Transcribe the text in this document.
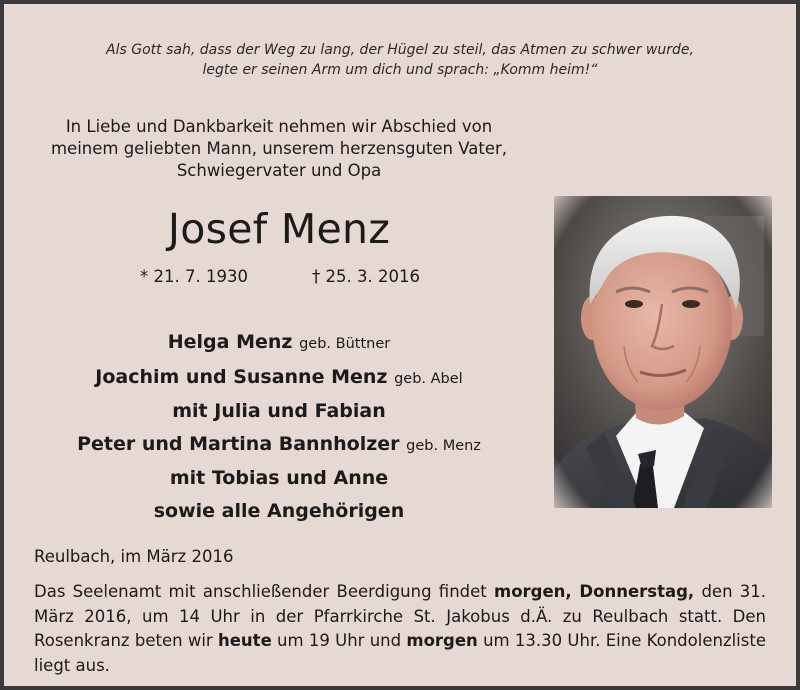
Als Gott sah, dass der Weg zu lang, der Hügel zu steil, das Atmen zu schwer wurde,
legte er seinen Arm um dich und sprach: „Komm heim!“
In Liebe und Dankbarkeit nehmen wir Abschied von
meinem geliebten Mann, unserem herzensguten Vater,
Schwiegervater und Opa
Josef Menz
* 21. 7. 1930	† 25. 3. 2016
Helga Menz geb. Büttner
Joachim und Susanne Menz geb. Abel
mit Julia und Fabian
Peter und Martina Bannholzer geb. Menz
mit Tobias und Anne
sowie alle Angehörigen
Reulbach, im März 2016
Das Seelenamt mit anschließender Beerdigung findet morgen, Donnerstag, den 31. März 2016, um 14 Uhr in der Pfarrkirche St. Jakobus d.Ä. zu Reulbach statt. Den Rosenkranz beten wir heute um 19 Uhr und morgen um 13.30 Uhr. Eine Kondolenzliste liegt aus.
